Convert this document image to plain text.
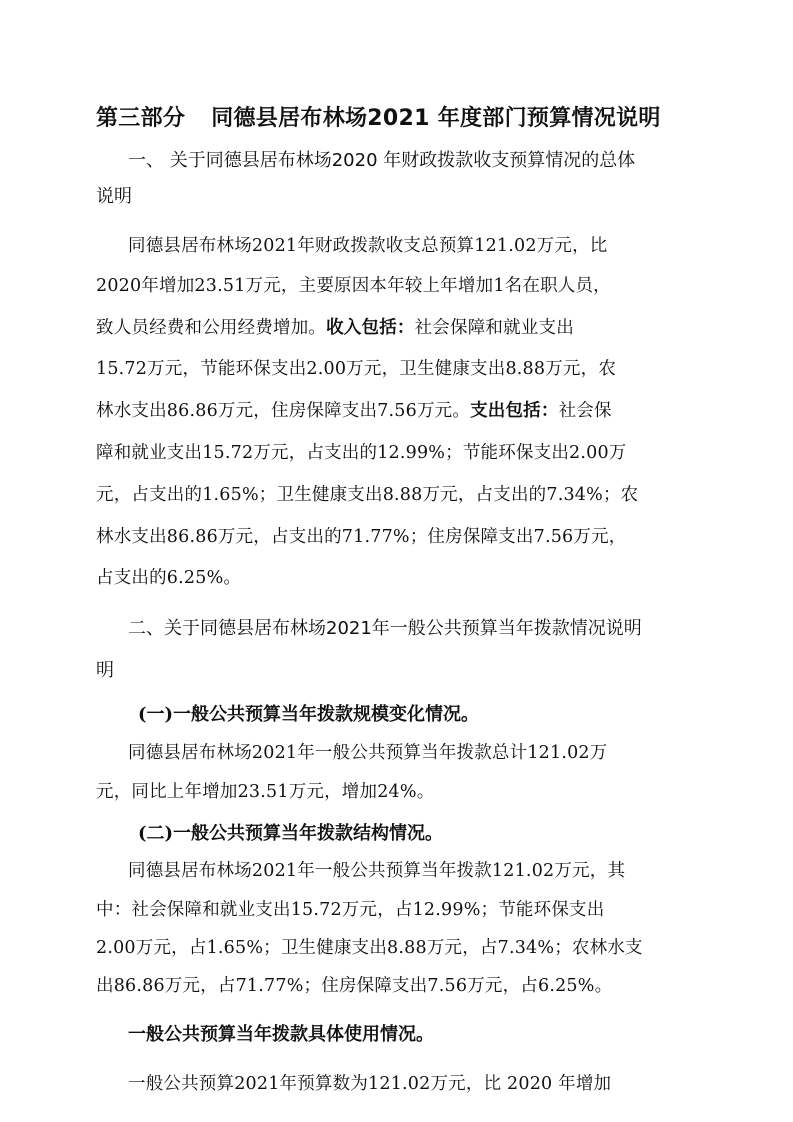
第三部分 同德县居布林场2021 年度部门预算情况说明

一、 关于同德县居布林场2020 年财政拨款收支预算情况的总体

说明

同德县居布林场2021年财政拨款收支总预算121.02万元，比

2020年增加23.51万元，主要原因本年较上年增加1名在职人员，

致人员经费和公用经费增加。收入包括：社会保障和就业支出

15.72万元，节能环保支出2.00万元，卫生健康支出8.88万元，农

林水支出86.86万元，住房保障支出7.56万元。支出包括：社会保

障和就业支出15.72万元，占支出的12.99%；节能环保支出2.00万

元，占支出的1.65%；卫生健康支出8.88万元，占支出的7.34%；农

林水支出86.86万元，占支出的71.77%；住房保障支出7.56万元，

占支出的6.25%。

二、关于同德县居布林场2021年一般公共预算当年拨款情况说明

明

(一)一般公共预算当年拨款规模变化情况。

同德县居布林场2021年一般公共预算当年拨款总计121.02万

元，同比上年增加23.51万元，增加24%。

(二)一般公共预算当年拨款结构情况。

同德县居布林场2021年一般公共预算当年拨款121.02万元，其

中：社会保障和就业支出15.72万元，占12.99%；节能环保支出

2.00万元，占1.65%；卫生健康支出8.88万元，占7.34%；农林水支

出86.86万元，占71.77%；住房保障支出7.56万元，占6.25%。

一般公共预算当年拨款具体使用情况。

一般公共预算2021年预算数为121.02万元，比 2020 年增加
